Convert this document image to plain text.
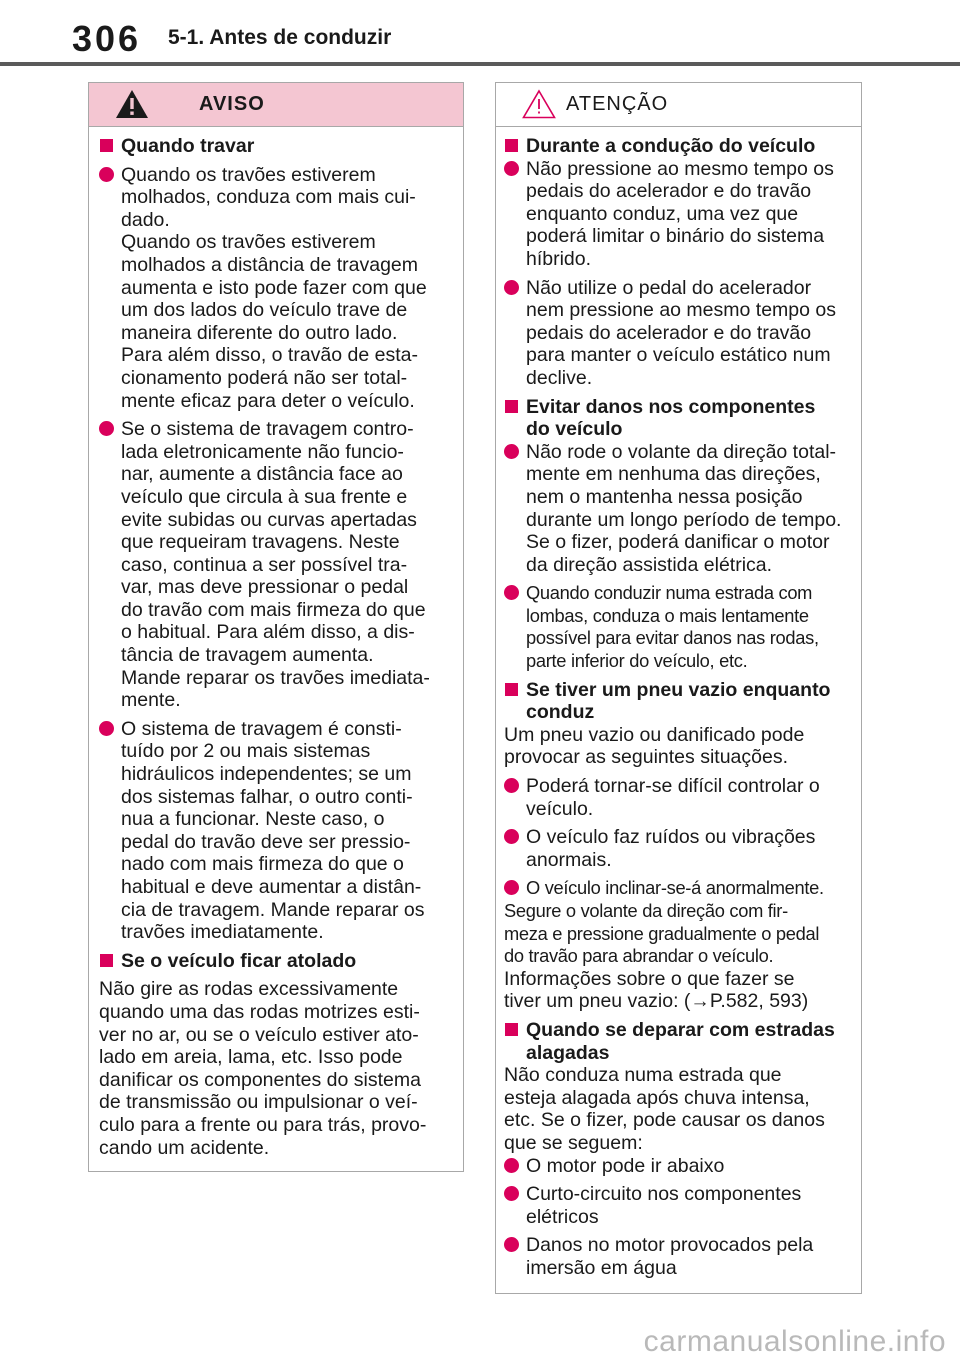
306 5-1. Antes de conduzir
AVISO
Quando travar
Quando os travões estiverem
molhados, conduza com mais cui-
dado.
Quando os travões estiverem
molhados a distância de travagem
aumenta e isto pode fazer com que
um dos lados do veículo trave de
maneira diferente do outro lado.
Para além disso, o travão de esta-
cionamento poderá não ser total-
mente eficaz para deter o veículo.
Se o sistema de travagem contro-
lada eletronicamente não funcio-
nar, aumente a distância face ao
veículo que circula à sua frente e
evite subidas ou curvas apertadas
que requeiram travagens. Neste
caso, continua a ser possível tra-
var, mas deve pressionar o pedal
do travão com mais firmeza do que
o habitual. Para além disso, a dis-
tância de travagem aumenta.
Mande reparar os travões imediata-
mente.
O sistema de travagem é consti-
tuído por 2 ou mais sistemas
hidráulicos independentes; se um
dos sistemas falhar, o outro conti-
nua a funcionar. Neste caso, o
pedal do travão deve ser pressio-
nado com mais firmeza do que o
habitual e deve aumentar a distân-
cia de travagem. Mande reparar os
travões imediatamente.
Se o veículo ficar atolado
Não gire as rodas excessivamente
quando uma das rodas motrizes esti-
ver no ar, ou se o veículo estiver ato-
lado em areia, lama, etc. Isso pode
danificar os componentes do sistema
de transmissão ou impulsionar o veí-
culo para a frente ou para trás, provo-
cando um acidente.
ATENÇÃO
Durante a condução do veículo
Não pressione ao mesmo tempo os
pedais do acelerador e do travão
enquanto conduz, uma vez que
poderá limitar o binário do sistema
híbrido.
Não utilize o pedal do acelerador
nem pressione ao mesmo tempo os
pedais do acelerador e do travão
para manter o veículo estático num
declive.
Evitar danos nos componentes
do veículo
Não rode o volante da direção total-
mente em nenhuma das direções,
nem o mantenha nessa posição
durante um longo período de tempo.
Se o fizer, poderá danificar o motor
da direção assistida elétrica.
Quando conduzir numa estrada com
lombas, conduza o mais lentamente
possível para evitar danos nas rodas,
parte inferior do veículo, etc.
Se tiver um pneu vazio enquanto
conduz
Um pneu vazio ou danificado pode
provocar as seguintes situações.
Poderá tornar-se difícil controlar o
veículo.
O veículo faz ruídos ou vibrações
anormais.
O veículo inclinar-se-á anormalmente.
Segure o volante da direção com fir-
meza e pressione gradualmente o pedal
do travão para abrandar o veículo.
Informações sobre o que fazer se
tiver um pneu vazio: (→P.582, 593)
Quando se deparar com estradas
alagadas
Não conduza numa estrada que
esteja alagada após chuva intensa,
etc. Se o fizer, pode causar os danos
que se seguem:
O motor pode ir abaixo
Curto-circuito nos componentes
elétricos
Danos no motor provocados pela
imersão em água
carmanualsonline.info
